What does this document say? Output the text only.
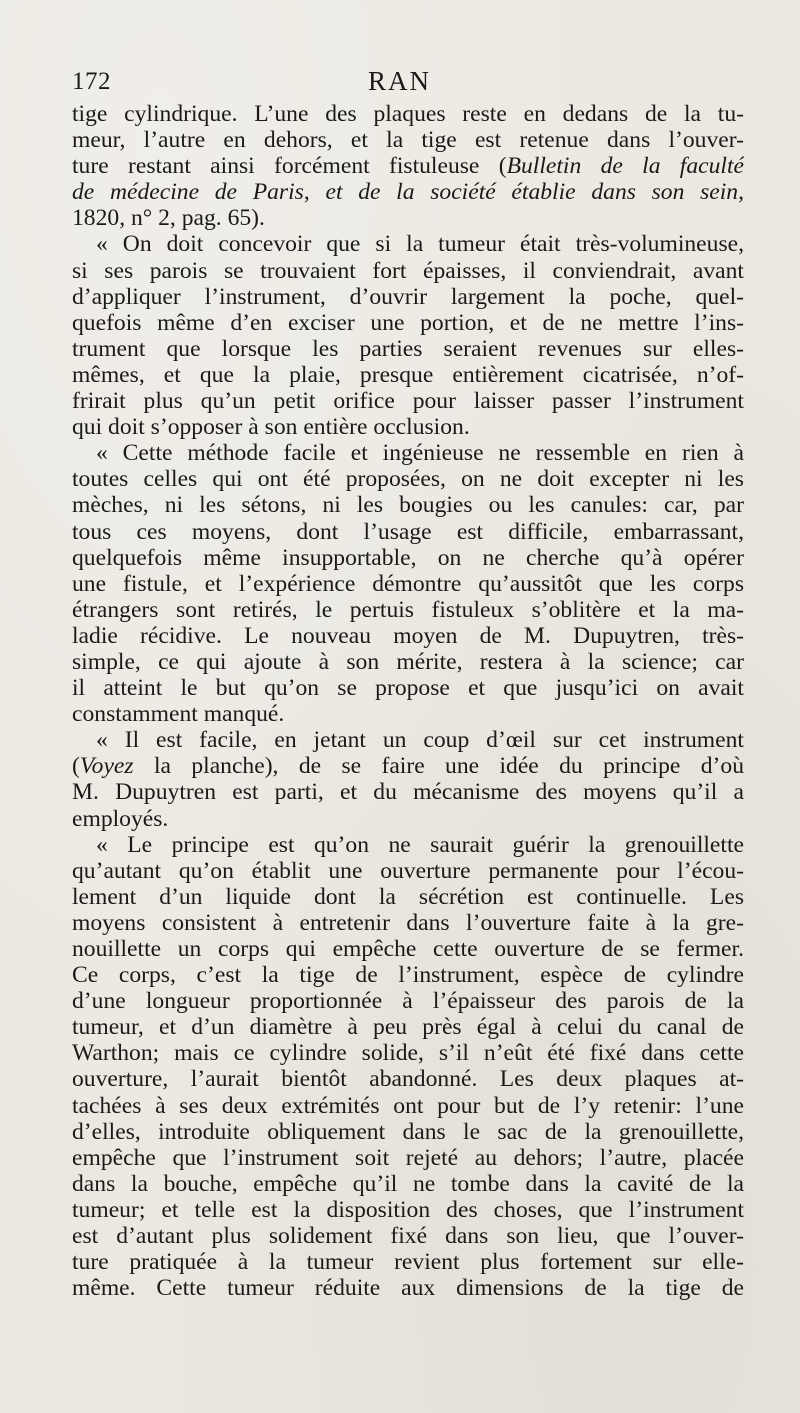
172	RAN
tige cylindrique. L’une des plaques reste en dedans de la tu-
meur, l’autre en dehors, et la tige est retenue dans l’ouver-
ture restant ainsi forcément fistuleuse (Bulletin de la faculté
de médecine de Paris, et de la société établie dans son sein,
1820, n° 2, pag. 65).
« On doit concevoir que si la tumeur était très-volumineuse,
si ses parois se trouvaient fort épaisses, il conviendrait, avant
d’appliquer l’instrument, d’ouvrir largement la poche, quel-
quefois même d’en exciser une portion, et de ne mettre l’ins-
trument que lorsque les parties seraient revenues sur elles-
mêmes, et que la plaie, presque entièrement cicatrisée, n’of-
frirait plus qu’un petit orifice pour laisser passer l’instrument
qui doit s’opposer à son entière occlusion.
« Cette méthode facile et ingénieuse ne ressemble en rien à
toutes celles qui ont été proposées, on ne doit excepter ni les
mèches, ni les sétons, ni les bougies ou les canules: car, par
tous ces moyens, dont l’usage est difficile, embarrassant,
quelquefois même insupportable, on ne cherche qu’à opérer
une fistule, et l’expérience démontre qu’aussitôt que les corps
étrangers sont retirés, le pertuis fistuleux s’oblitère et la ma-
ladie récidive. Le nouveau moyen de M. Dupuytren, très-
simple, ce qui ajoute à son mérite, restera à la science; car
il atteint le but qu’on se propose et que jusqu’ici on avait
constamment manqué.
« Il est facile, en jetant un coup d’œil sur cet instrument
(Voyez la planche), de se faire une idée du principe d’où
M. Dupuytren est parti, et du mécanisme des moyens qu’il a
employés.
« Le principe est qu’on ne saurait guérir la grenouillette
qu’autant qu’on établit une ouverture permanente pour l’écou-
lement d’un liquide dont la sécrétion est continuelle. Les
moyens consistent à entretenir dans l’ouverture faite à la gre-
nouillette un corps qui empêche cette ouverture de se fermer.
Ce corps, c’est la tige de l’instrument, espèce de cylindre
d’une longueur proportionnée à l’épaisseur des parois de la
tumeur, et d’un diamètre à peu près égal à celui du canal de
Warthon; mais ce cylindre solide, s’il n’eût été fixé dans cette
ouverture, l’aurait bientôt abandonné. Les deux plaques at-
tachées à ses deux extrémités ont pour but de l’y retenir: l’une
d’elles, introduite obliquement dans le sac de la grenouillette,
empêche que l’instrument soit rejeté au dehors; l’autre, placée
dans la bouche, empêche qu’il ne tombe dans la cavité de la
tumeur; et telle est la disposition des choses, que l’instrument
est d’autant plus solidement fixé dans son lieu, que l’ouver-
ture pratiquée à la tumeur revient plus fortement sur elle-
même. Cette tumeur réduite aux dimensions de la tige de
